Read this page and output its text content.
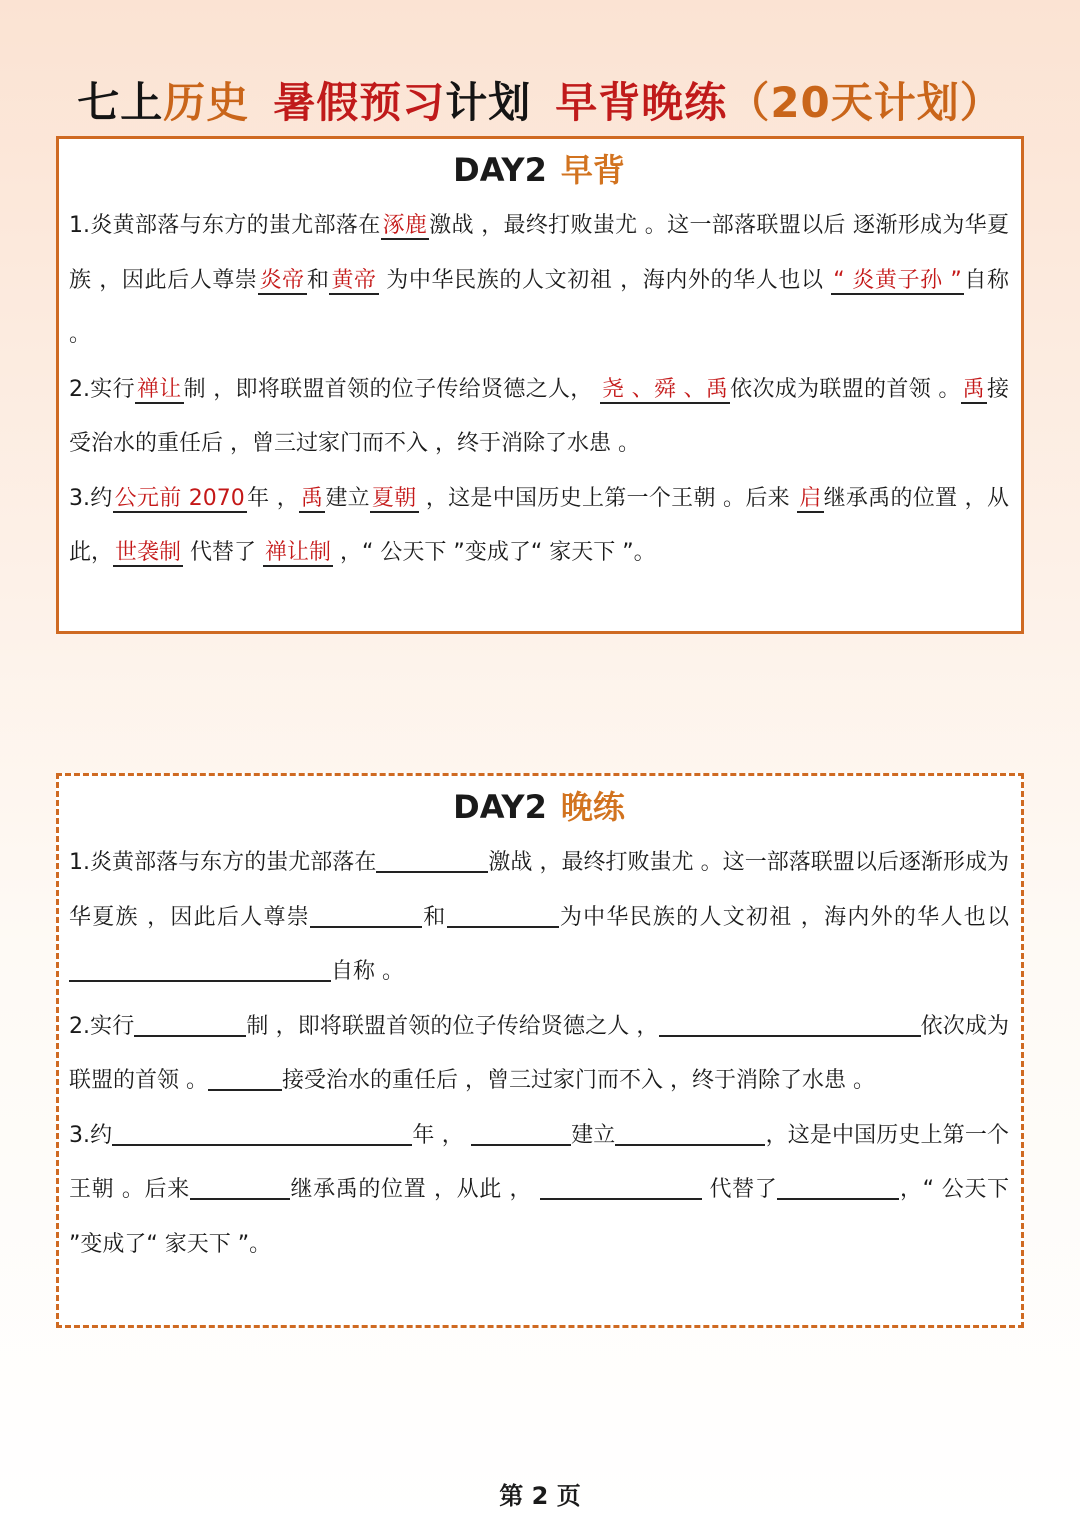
七上历史 暑假预习计划 早背晚练（20天计划）
DAY2 早背
1.炎黄部落与东方的蚩尤部落在涿鹿激战 ，最终打败蚩尤 。这一部落联盟以后 逐渐形成为华夏族 ，因此后人尊崇炎帝和黄帝 为中华民族的人文初祖 ，海内外的华人也以 “ 炎黄子孙 ”自称 。
2.实行禅让制 ，即将联盟首领的位子传给贤德之人， 尧 、舜 、禹依次成为联盟的首领 。禹接受治水的重任后 ，曾三过家门而不入 ，终于消除了水患 。
3.约公元前 2070年 ，禹建立夏朝 ，这是中国历史上第一个王朝 。后来 启继承禹的位置 ，从此，世袭制 代替了 禅让制 ，“ 公天下 ”变成了“ 家天下 ”。
DAY2 晚练
1.炎黄部落与东方的蚩尤部落在	激战 ，最终打败蚩尤 。这一部落联盟以后逐渐形成为华夏族 ，因此后人尊崇	和	为中华民族的人文初祖 ，海内外的华人也以自称 。
2.实行	制 ，即将联盟首领的位子传给贤德之人 ，	依次成为联盟的首领 。	接受治水的重任后 ，曾三过家门而不入 ，终于消除了水患 。
3.约	年 ，	建立	，这是中国历史上第一个王朝 。后来	继承禹的位置 ，从此 ，	代替了	，“ 公天下 ”变成了“ 家天下 ”。
第 2 页
